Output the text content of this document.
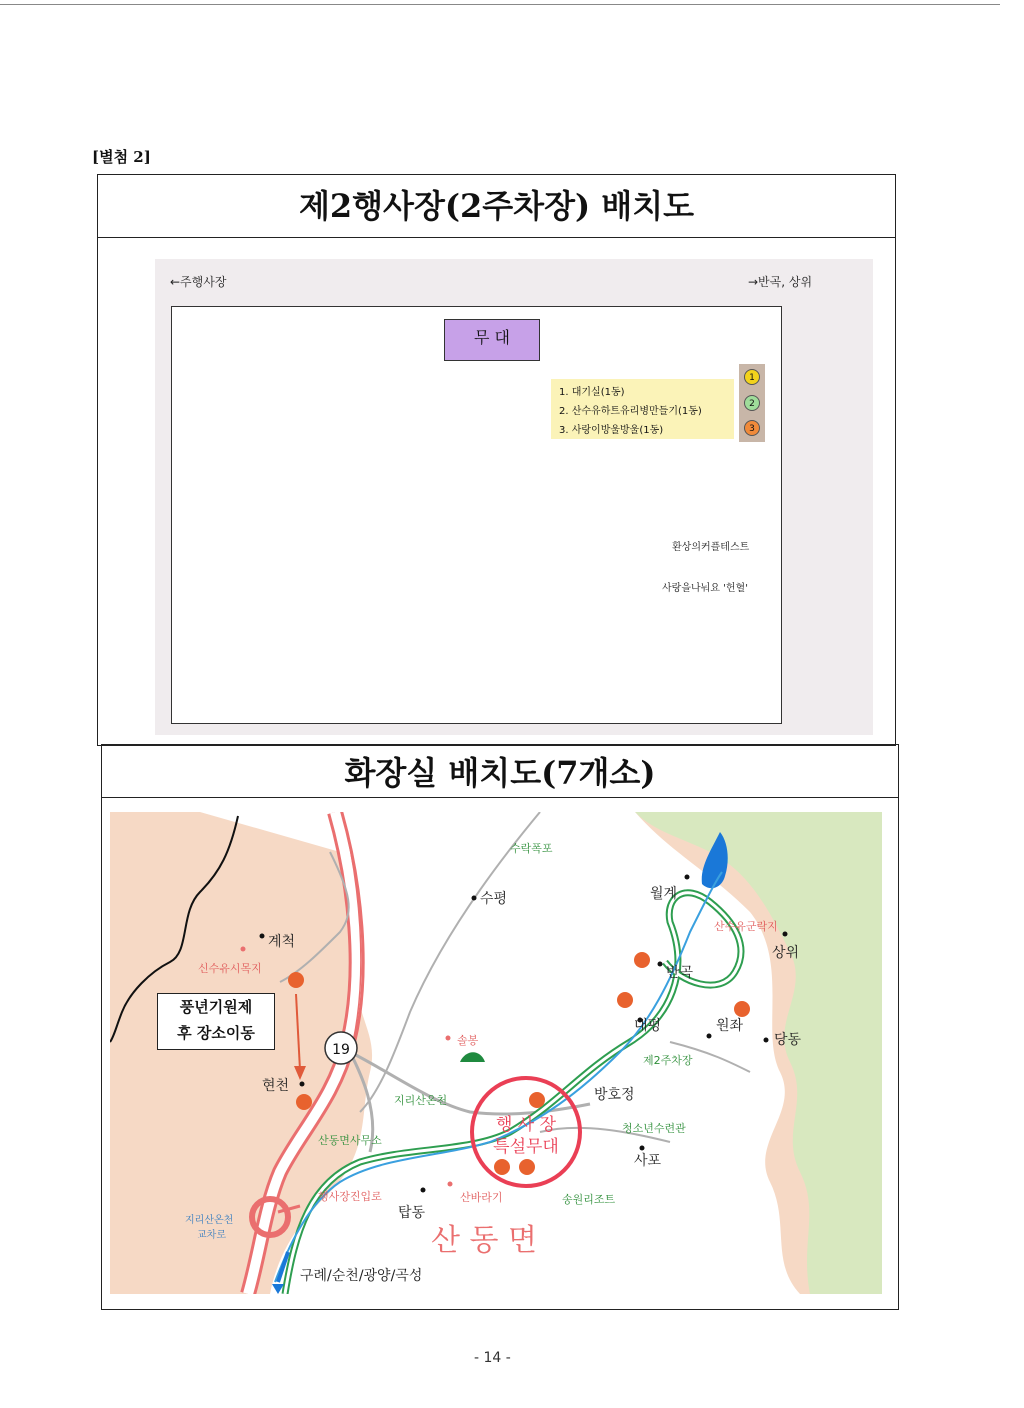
[별첨 2]
제2행사장(2주차장) 배치도
←주행사장	→반곡, 상위
무 대
1. 대기실(1동)
2. 산수유하트유리병만들기(1동)
3. 사랑이방울방울(1동)
1
2
3
환상의커플테스트
사랑을나눠요 '헌혈'
화장실 배치도(7개소)
19
수락폭포
수평	월계
계척
신수유시목지
산수유군락지
상위
반곡
대평	원좌
당동
제2주차장
솔봉
현천
지리산온천	방호정
청소년수련관
사포
산동면사무소
행사장진입로
탑동
산바라기	송원리조트
지리산온천
교차로
구례/순천/광양/곡성
행 사 장
특설무대
산 동 면
풍년기원제
후 장소이동
- 14 -
